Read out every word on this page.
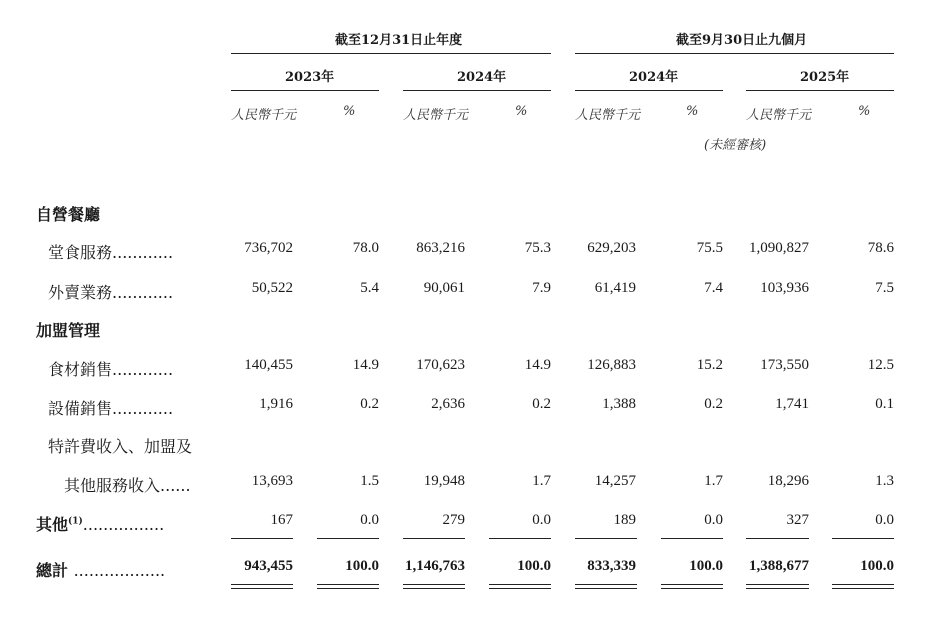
截至12月31日止年度	截至9月30日止九個月
2023年	2024年	2024年	2025年
人民幣千元	%	人民幣千元	%	人民幣千元	%	人民幣千元	%
(未經審核)
自營餐廳
堂食服務............	736,702	78.0	863,216	75.3	629,203	75.5	1,090,827	78.6
外賣業務............	50,522	5.4	90,061	7.9	61,419	7.4	103,936	7.5
加盟管理
食材銷售............	140,455	14.9	170,623	14.9	126,883	15.2	173,550	12.5
設備銷售............	1,916	0.2	2,636	0.2	1,388	0.2	1,741	0.1
特許費收入、加盟及
其他服務收入......	13,693	1.5	19,948	1.7	14,257	1.7	18,296	1.3
其他$^{(1)}$................	167	0.0	279	0.0	189	0.0	327	0.0
總計 ..................	943,455	100.0	1,146,763	100.0	833,339	100.0	1,388,677	100.0
